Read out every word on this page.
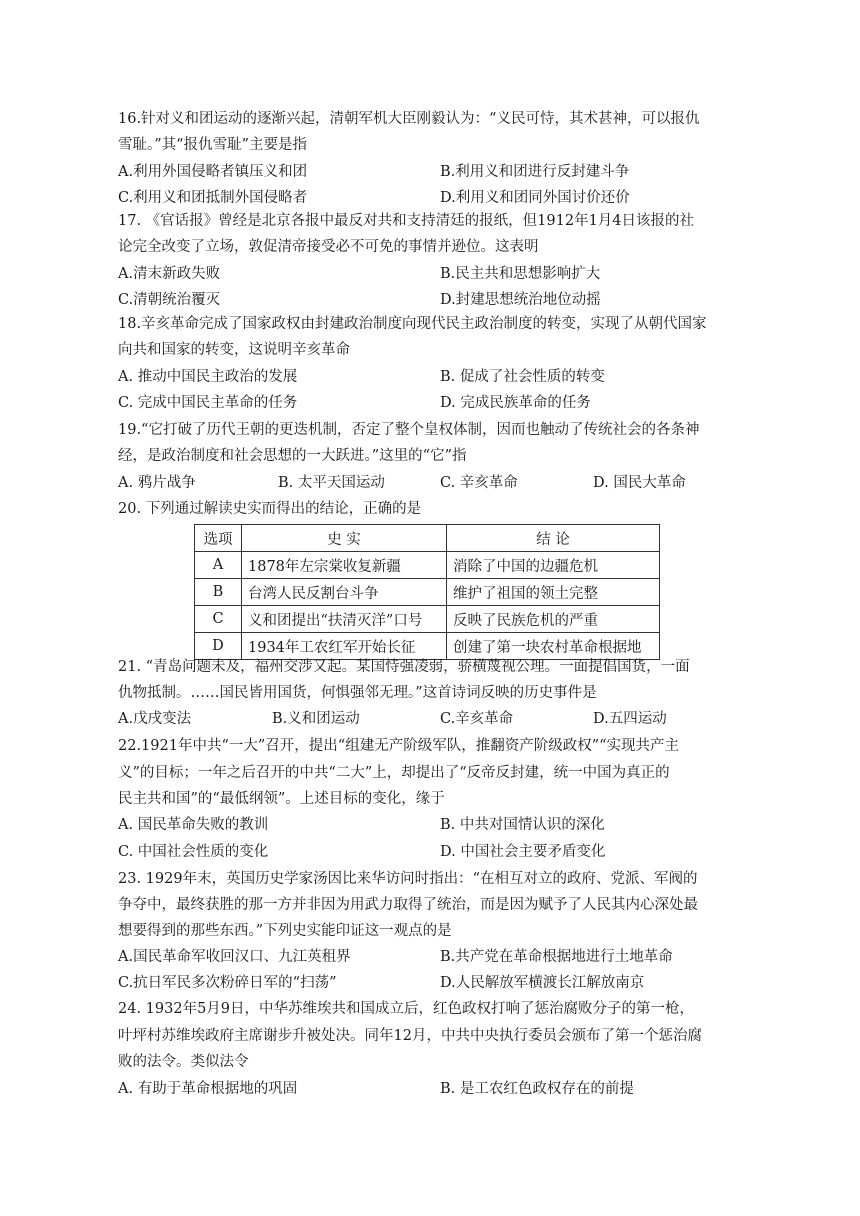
16.针对义和团运动的逐渐兴起，清朝军机大臣刚毅认为：“义民可恃，其术甚神，可以报仇
雪耻。”其“报仇雪耻”主要是指
A.利用外国侵略者镇压义和团	B.利用义和团进行反封建斗争
C.利用义和团抵制外国侵略者	D.利用义和团同外国讨价还价
17. 《官话报》曾经是北京各报中最反对共和支持清廷的报纸，但1912年1月4日该报的社
论完全改变了立场，敦促清帝接受必不可免的事情并逊位。这表明
A.清末新政失败	B.民主共和思想影响扩大
C.清朝统治覆灭	D.封建思想统治地位动摇
18.辛亥革命完成了国家政权由封建政治制度向现代民主政治制度的转变，实现了从朝代国家
向共和国家的转变，这说明辛亥革命
A. 推动中国民主政治的发展	B. 促成了社会性质的转变
C. 完成中国民主革命的任务	D. 完成民族革命的任务
19.“它打破了历代王朝的更迭机制，否定了整个皇权体制，因而也触动了传统社会的各条神
经，是政治制度和社会思想的一大跃进。”这里的“它”指
A. 鸦片战争	B. 太平天国运动	C. 辛亥革命	D. 国民大革命
20. 下列通过解读史实而得出的结论，正确的是
选项	史 实	结 论
A	1878年左宗棠收复新疆	消除了中国的边疆危机
B	台湾人民反割台斗争	维护了祖国的领土完整
C	义和团提出“扶清灭洋”口号	反映了民族危机的严重
D	1934年工农红军开始长征	创建了第一块农村革命根据地
21. “青岛问题未及，福州交涉又起。某国恃强凌弱，骄横蔑视公理。一面提倡国货，一面
仇物抵制。……国民皆用国货，何惧强邻无理。”这首诗词反映的历史事件是
A.戊戌变法	B.义和团运动	C.辛亥革命	D.五四运动
22.1921年中共“一大”召开，提出“组建无产阶级军队，推翻资产阶级政权”“实现共产主
义”的目标；一年之后召开的中共“二大”上，却提出了“反帝反封建，统一中国为真正的
民主共和国”的“最低纲领”。上述目标的变化，缘于
A. 国民革命失败的教训	B. 中共对国情认识的深化
C. 中国社会性质的变化	D. 中国社会主要矛盾变化
23. 1929年末，英国历史学家汤因比来华访问时指出：“在相互对立的政府、党派、军阀的
争夺中，最终获胜的那一方并非因为用武力取得了统治，而是因为赋予了人民其内心深处最
想要得到的那些东西。”下列史实能印证这一观点的是
A.国民革命军收回汉口、九江英租界	B.共产党在革命根据地进行土地革命
C.抗日军民多次粉碎日军的“扫荡”	D.人民解放军横渡长江解放南京
24. 1932年5月9日，中华苏维埃共和国成立后，红色政权打响了惩治腐败分子的第一枪，
叶坪村苏维埃政府主席谢步升被处决。同年12月，中共中央执行委员会颁布了第一个惩治腐
败的法令。类似法令
A. 有助于革命根据地的巩固	B. 是工农红色政权存在的前提
